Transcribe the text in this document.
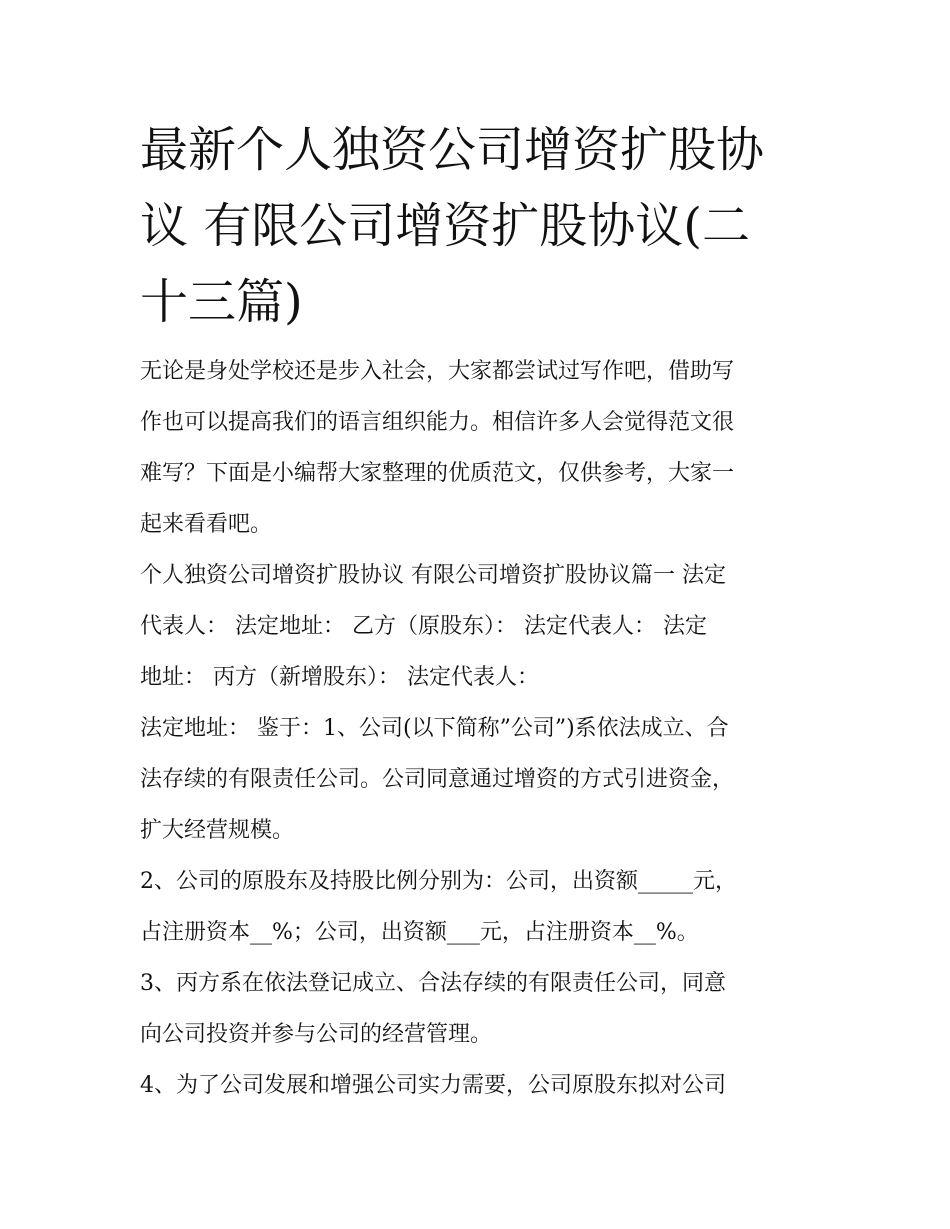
最新个人独资公司增资扩股协
议 有限公司增资扩股协议(二
十三篇)

无论是身处学校还是步入社会，大家都尝试过写作吧，借助写
作也可以提高我们的语言组织能力。相信许多人会觉得范文很
难写？下面是小编帮大家整理的优质范文，仅供参考，大家一
起来看看吧。

个人独资公司增资扩股协议 有限公司增资扩股协议篇一 法定
代表人： 法定地址： 乙方（原股东）： 法定代表人： 法定
地址： 丙方（新增股东）： 法定代表人：

法定地址： 鉴于：1、公司(以下简称”公司”)系依法成立、合
法存续的有限责任公司。公司同意通过增资的方式引进资金，
扩大经营规模。

2、公司的原股东及持股比例分别为：公司，出资额_____元，
占注册资本__%；公司，出资额___元，占注册资本__%。

3、丙方系在依法登记成立、合法存续的有限责任公司，同意
向公司投资并参与公司的经营管理。

4、为了公司发展和增强公司实力需要，公司原股东拟对公司
